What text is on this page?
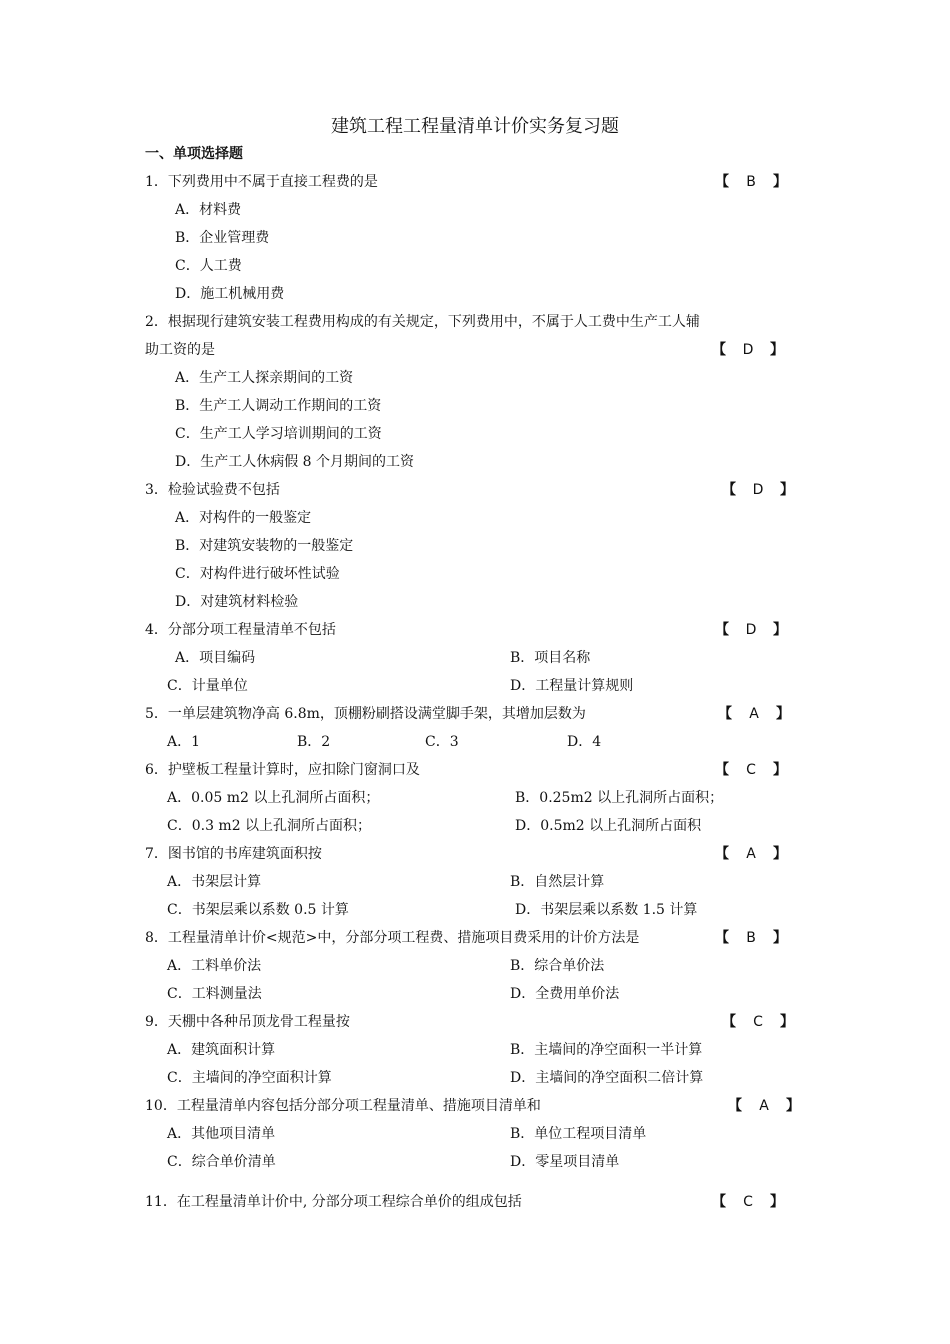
建筑工程工程量清单计价实务复习题
一、单项选择题
1．下列费用中不属于直接工程费的是	【 B 】
A．材料费
B．企业管理费
C．人工费
D．施工机械用费
2．根据现行建筑安装工程费用构成的有关规定，下列费用中，不属于人工费中生产工人辅
助工资的是	【 D 】
A．生产工人探亲期间的工资
B．生产工人调动工作期间的工资
C．生产工人学习培训期间的工资
D．生产工人休病假 8 个月期间的工资
3．检验试验费不包括	【 D 】
A．对构件的一般鉴定
B．对建筑安装物的一般鉴定
C．对构件进行破坏性试验
D．对建筑材料检验
4．分部分项工程量清单不包括	【 D 】
A．项目编码	B．项目名称
C．计量单位	D．工程量计算规则
5．一单层建筑物净高 6.8m，顶棚粉刷搭设满堂脚手架，其增加层数为	【 A 】
A．1	B．2	C．3	D．4
6．护壁板工程量计算时，应扣除门窗洞口及	【 C 】
A．0.05 m2 以上孔洞所占面积；	B．0.25m2 以上孔洞所占面积；
C．0.3 m2 以上孔洞所占面积；	D．0.5m2 以上孔洞所占面积
7．图书馆的书库建筑面积按	【 A 】
A．书架层计算	B．自然层计算
C．书架层乘以系数 0.5 计算	D．书架层乘以系数 1.5 计算
8．工程量清单计价<规范>中，分部分项工程费、措施项目费采用的计价方法是	【 B 】
A．工料单价法	B．综合单价法
C．工料测量法	D．全费用单价法
9．天棚中各种吊顶龙骨工程量按	【 C 】
A．建筑面积计算	B．主墙间的净空面积一半计算
C．主墙间的净空面积计算	D．主墙间的净空面积二倍计算
10．工程量清单内容包括分部分项工程量清单、措施项目清单和	【 A 】
A．其他项目清单	B．单位工程项目清单
C．综合单价清单	D．零星项目清单
11．在工程量清单计价中, 分部分项工程综合单价的组成包括	【 C 】
